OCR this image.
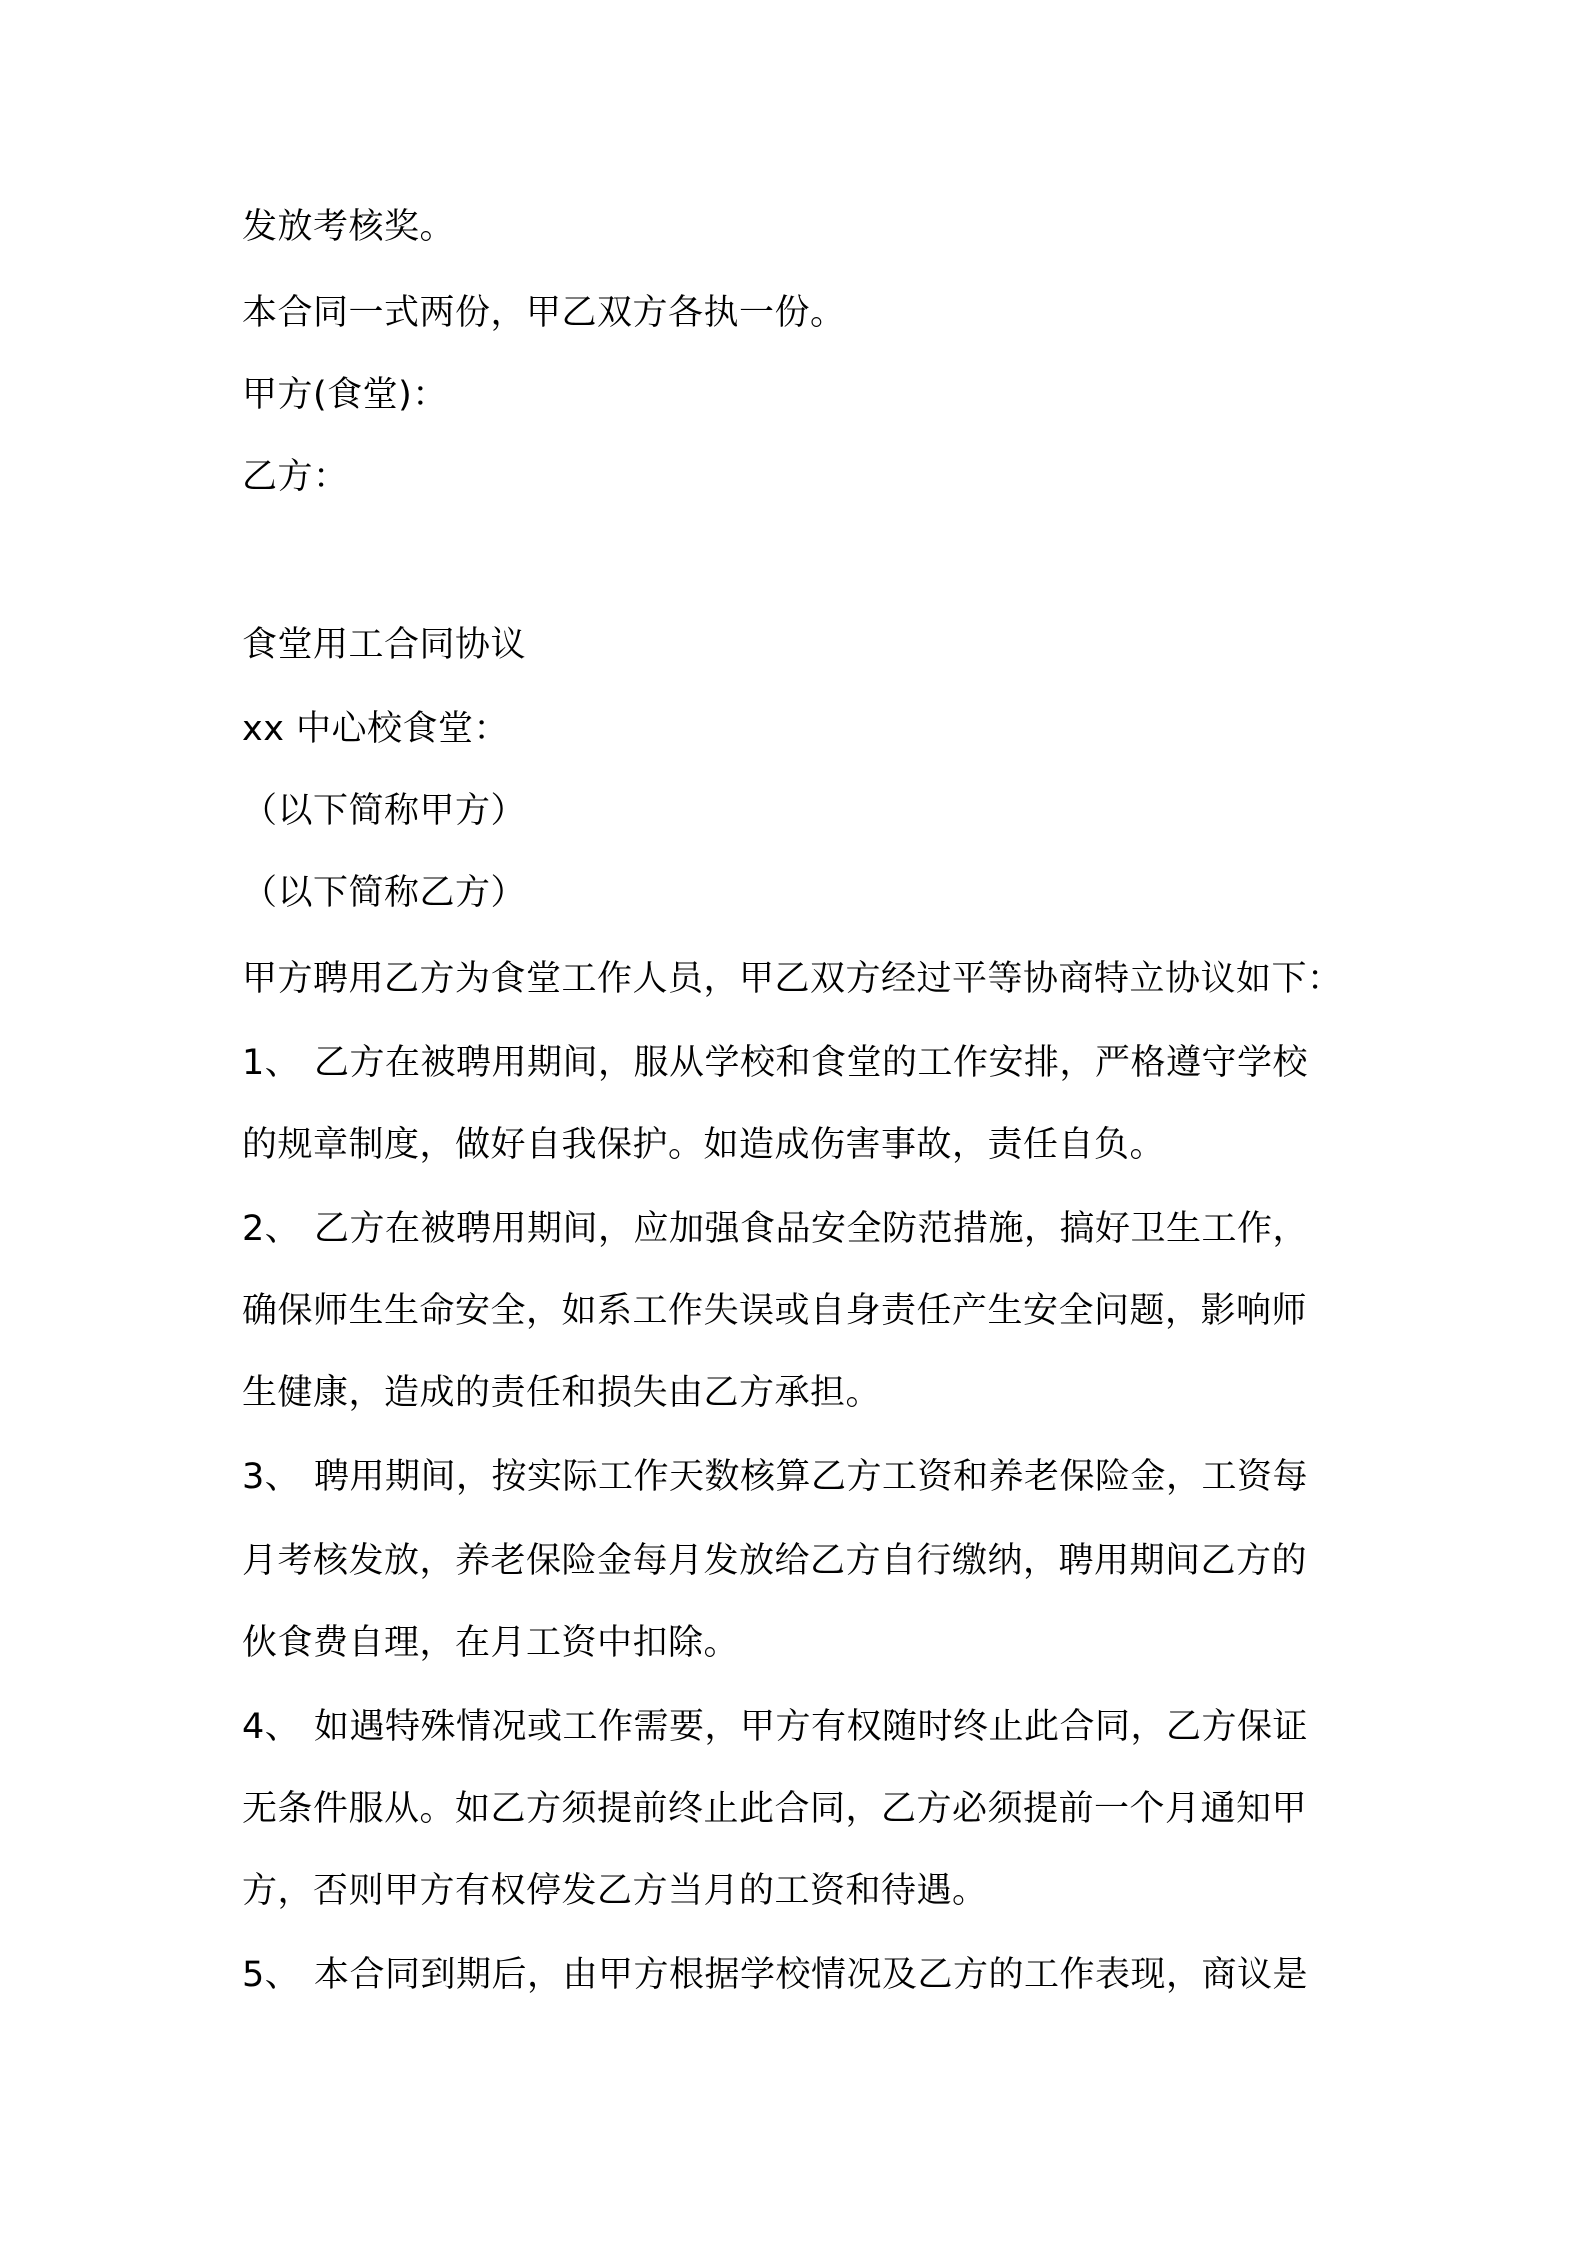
发放考核奖。
本合同一式两份，甲乙双方各执一份。
甲方(食堂)：
乙方：
食堂用工合同协议
xx 中心校食堂：
（以下简称甲方）
（以下简称乙方）
甲方聘用乙方为食堂工作人员，甲乙双方经过平等协商特立协议如下：
1、 乙方在被聘用期间，服从学校和食堂的工作安排，严格遵守学校
的规章制度，做好自我保护。如造成伤害事故，责任自负。
2、 乙方在被聘用期间，应加强食品安全防范措施，搞好卫生工作，
确保师生生命安全，如系工作失误或自身责任产生安全问题，影响师
生健康，造成的责任和损失由乙方承担。
3、 聘用期间，按实际工作天数核算乙方工资和养老保险金，工资每
月考核发放，养老保险金每月发放给乙方自行缴纳，聘用期间乙方的
伙食费自理，在月工资中扣除。
4、 如遇特殊情况或工作需要，甲方有权随时终止此合同，乙方保证
无条件服从。如乙方须提前终止此合同，乙方必须提前一个月通知甲
方，否则甲方有权停发乙方当月的工资和待遇。
5、 本合同到期后，由甲方根据学校情况及乙方的工作表现，商议是
